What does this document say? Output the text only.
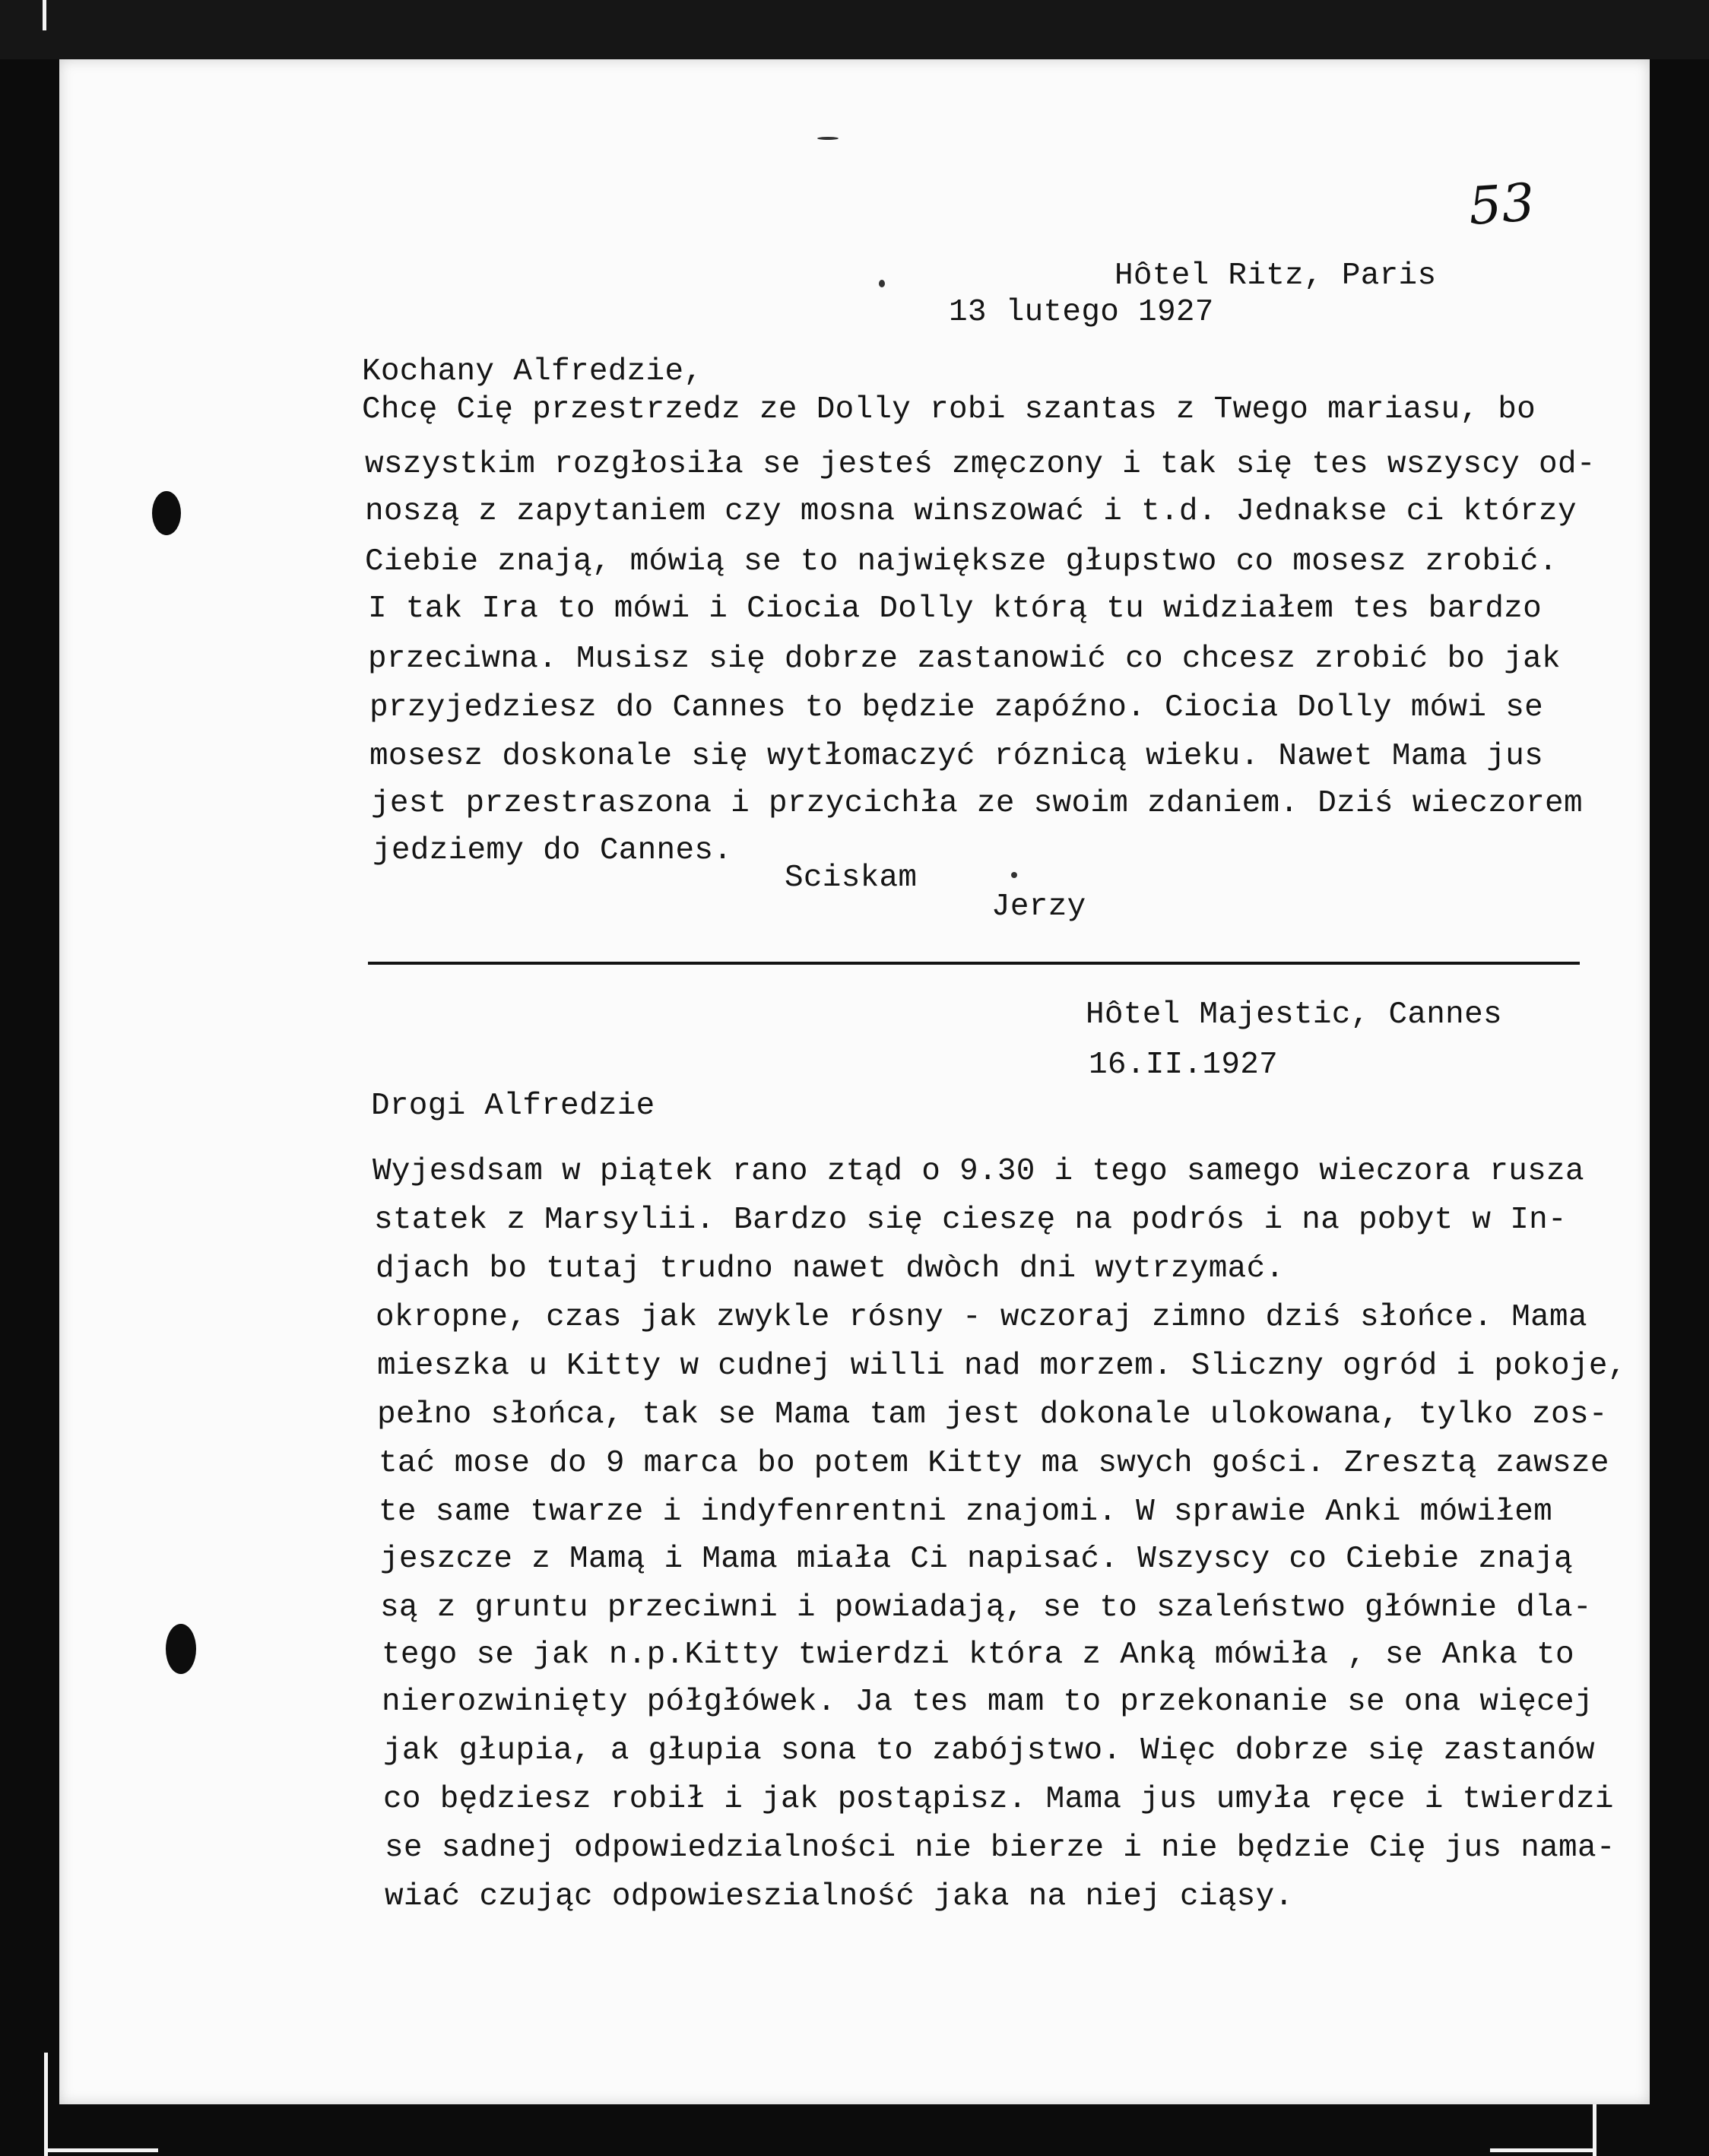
53
Hôtel Ritz, Paris
13 lutego 1927
Kochany Alfredzie,
Chcę Cię przestrzedz ze Dolly robi szantas z Twego mariasu, bo
wszystkim rozgłosiła se jesteś zmęczony i tak się tes wszyscy od-
noszą z zapytaniem czy mosna winszować i t.d. Jednaksе ci którzy
Ciebie znają, mówią se to największe głupstwo co mosesz zrobić.
I tak Ira to mówi i Ciocia Dolly którą tu widziałem tes bardzo
przeciwna. Musisz się dobrze zastanowić co chcesz zrobić bo jak
przyjedziesz do Cannes to będzie zapóźno. Ciocia Dolly mówi se
mosesz doskonale się wytłomaczyć róznicą wieku. Nawet Mama jus
jest przestraszona i przycichła ze swoim zdaniem. Dziś wieczorem
jedziemy do Cannes.
Sciskam
Jerzy
Hôtel Majestic, Cannes
16.II.1927
Drogi Alfredzie
Wyjesdsam w piątek rano ztąd o 9.30 i tego samego wieczora rusza
statek z Marsylii. Bardzo się cieszę na podrós i na pobyt w In-
djach bo tutaj trudno nawet dwòch dni wytrzymać.
okropne, czas jak zwykle rósny - wczoraj zimno dziś słońce. Mama
mieszka u Kitty w cudnej willi nad morzem. Sliczny ogród i pokoje,
pełno słońca, tak se Mama tam jest dokonale ulokowana, tylko zos-
tać mose do 9 marca bo potem Kitty ma swych gości. Zresztą zawsze
te same twarze i indyfenrentni znajomi. W sprawie Anki mówiłem
jeszcze z Mamą i Mama miała Ci napisać. Wszyscy co Ciebie znają
są z gruntu przeciwni i powiadają, se to szaleństwo głównie dla-
tego se jak n.p.Kitty twierdzi która z Anką mówiła , se Anka to
nierozwinięty półgłówek. Ja tes mam to przekonanie se ona więcej
jak głupia, a głupia sona to zabójstwo. Więc dobrze się zastanów
co będziesz robił i jak postąpisz. Mama jus umyła ręce i twierdzi
se sadnej odpowiedzialności nie bierze i nie będzie Cię jus nama-
wiać czując odpowieszialność jaka na niej ciąsy.
